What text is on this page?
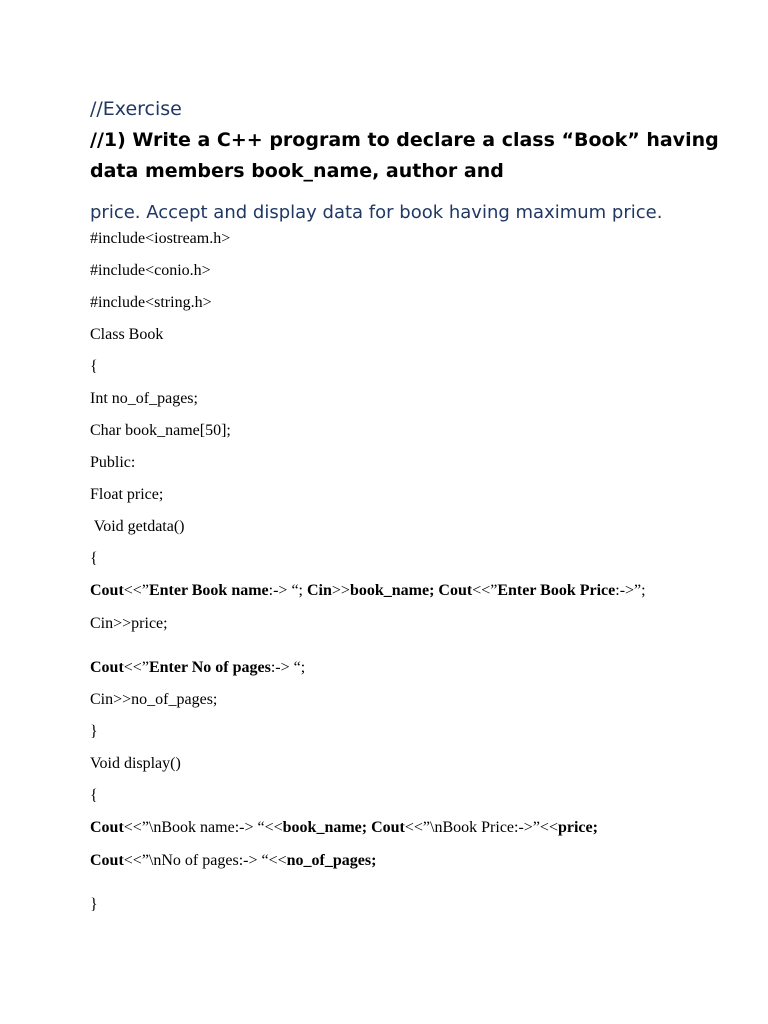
//Exercise
//1) Write a C++ program to declare a class “Book” having
data members book_name, author and
price. Accept and display data for book having maximum price.
#include<iostream.h>
#include<conio.h>
#include<string.h>
Class Book
{
Int no_of_pages;
Char book_name[50];
Public:
Float price;
Void getdata()
{
Cout<<”Enter Book name:-> “; Cin>>book_name; Cout<<”Enter Book Price:->”;
Cin>>price;
Cout<<”Enter No of pages:-> “;
Cin>>no_of_pages;
}
Void display()
{
Cout<<”\nBook name:-> “<<book_name; Cout<<”\nBook Price:->”<<price;
Cout<<”\nNo of pages:-> “<<no_of_pages;
}
